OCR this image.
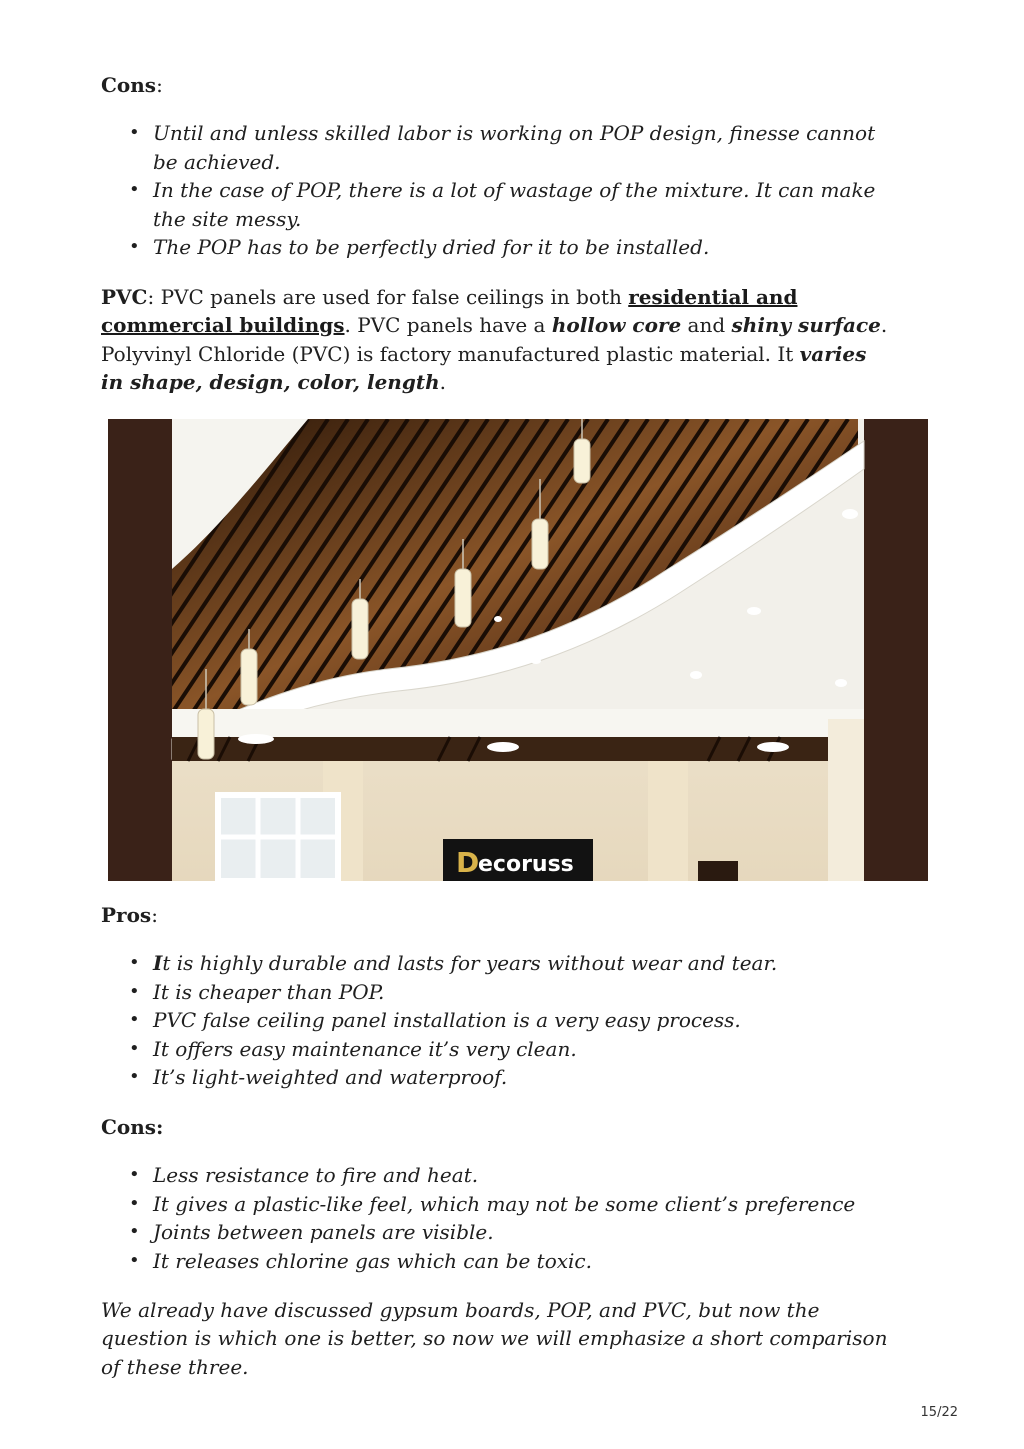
Cons:

• Until and unless skilled labor is working on POP design, finesse cannot be achieved.
• In the case of POP, there is a lot of wastage of the mixture. It can make the site messy.
• The POP has to be perfectly dried for it to be installed.

PVC: PVC panels are used for false ceilings in both residential and commercial buildings. PVC panels have a hollow core and shiny surface. Polyvinyl Chloride (PVC) is factory manufactured plastic material. It varies in shape, design, color, length.

D
ecoruss

Pros:

• It is highly durable and lasts for years without wear and tear.
• It is cheaper than POP.
• PVC false ceiling panel installation is a very easy process.
• It offers easy maintenance it’s very clean.
• It’s light-weighted and waterproof.

Cons:

• Less resistance to fire and heat.
• It gives a plastic-like feel, which may not be some client’s preference
• Joints between panels are visible.
• It releases chlorine gas which can be toxic.

We already have discussed gypsum boards, POP, and PVC, but now the question is which one is better, so now we will emphasize a short comparison of these three.

15/22
